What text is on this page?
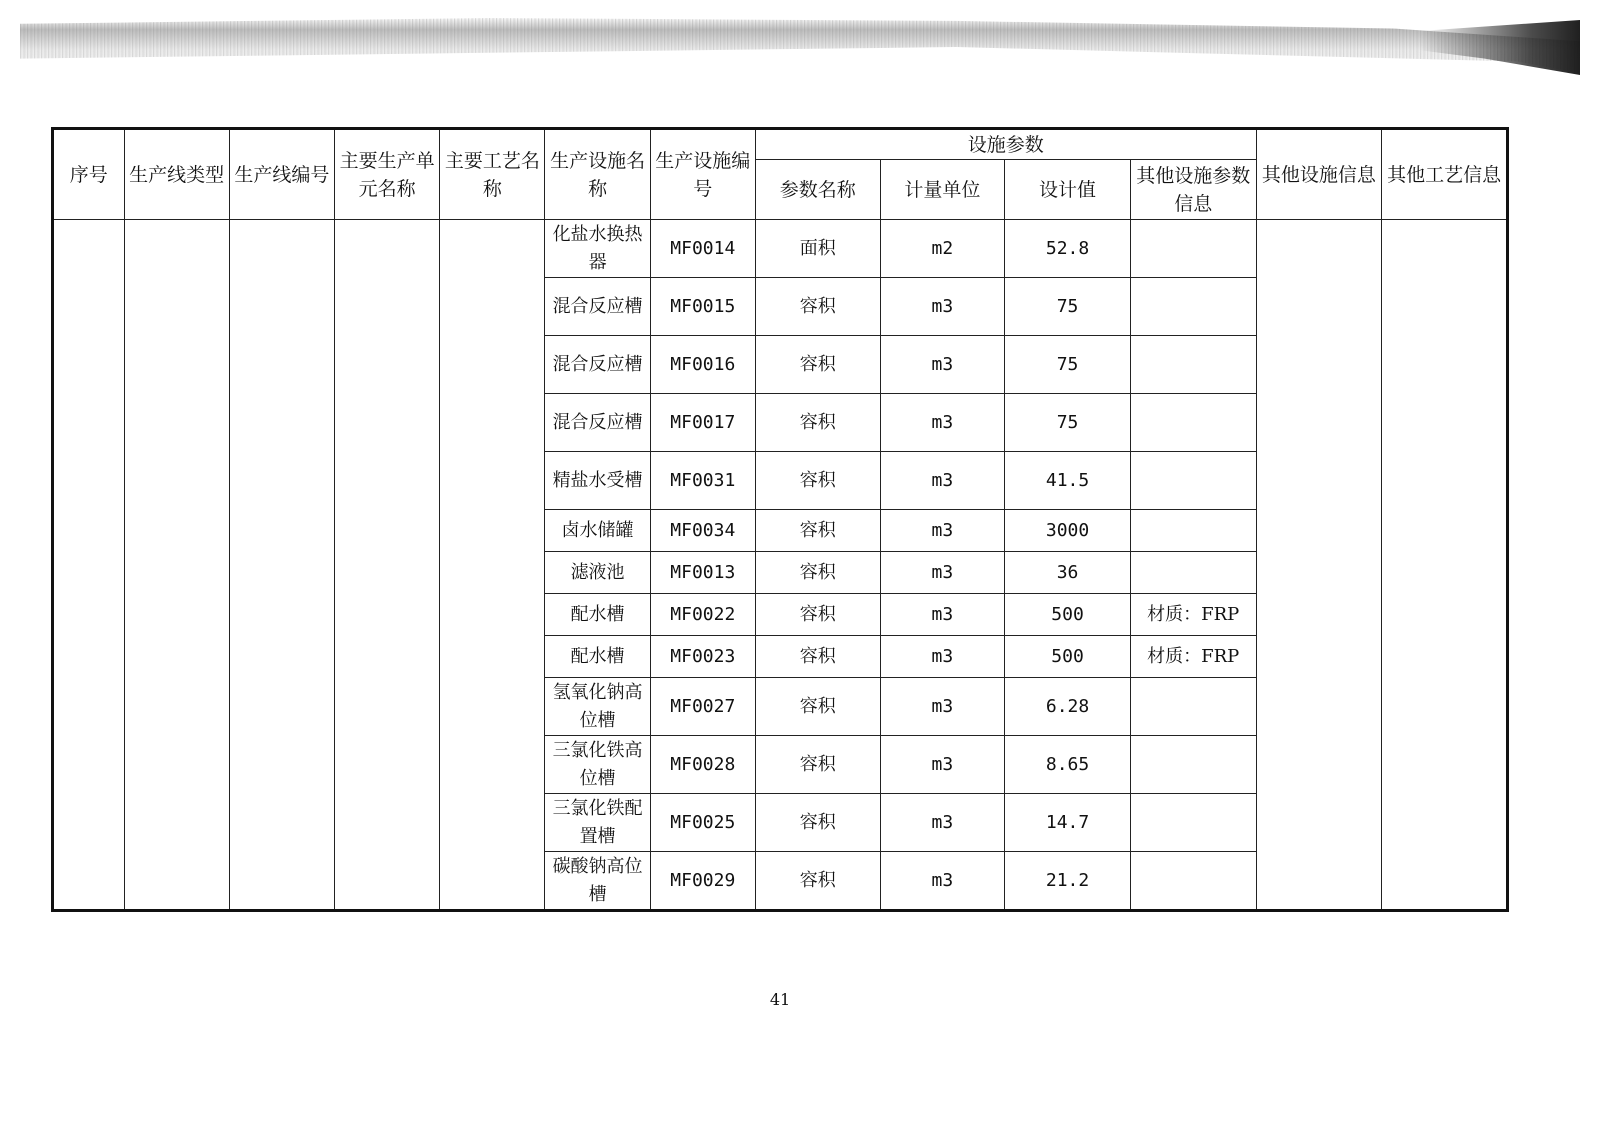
序号	生产线类型	生产线编号	主要生产单元名称	主要工艺名称	生产设施名称	生产设施编号	设施参数				其他设施信息	其他工艺信息
							参数名称	计量单位	设计值	其他设施参数信息		
					化盐水换热器	MF0014	面积	m2	52.8			
					混合反应槽	MF0015	容积	m3	75			
					混合反应槽	MF0016	容积	m3	75			
					混合反应槽	MF0017	容积	m3	75			
					精盐水受槽	MF0031	容积	m3	41.5			
					卤水储罐	MF0034	容积	m3	3000			
					滤液池	MF0013	容积	m3	36			
					配水槽	MF0022	容积	m3	500	材质：FRP		
					配水槽	MF0023	容积	m3	500	材质：FRP		
					氢氧化钠高位槽	MF0027	容积	m3	6.28			
					三氯化铁高位槽	MF0028	容积	m3	8.65			
					三氯化铁配置槽	MF0025	容积	m3	14.7			
					碳酸钠高位槽	MF0029	容积	m3	21.2			
41
